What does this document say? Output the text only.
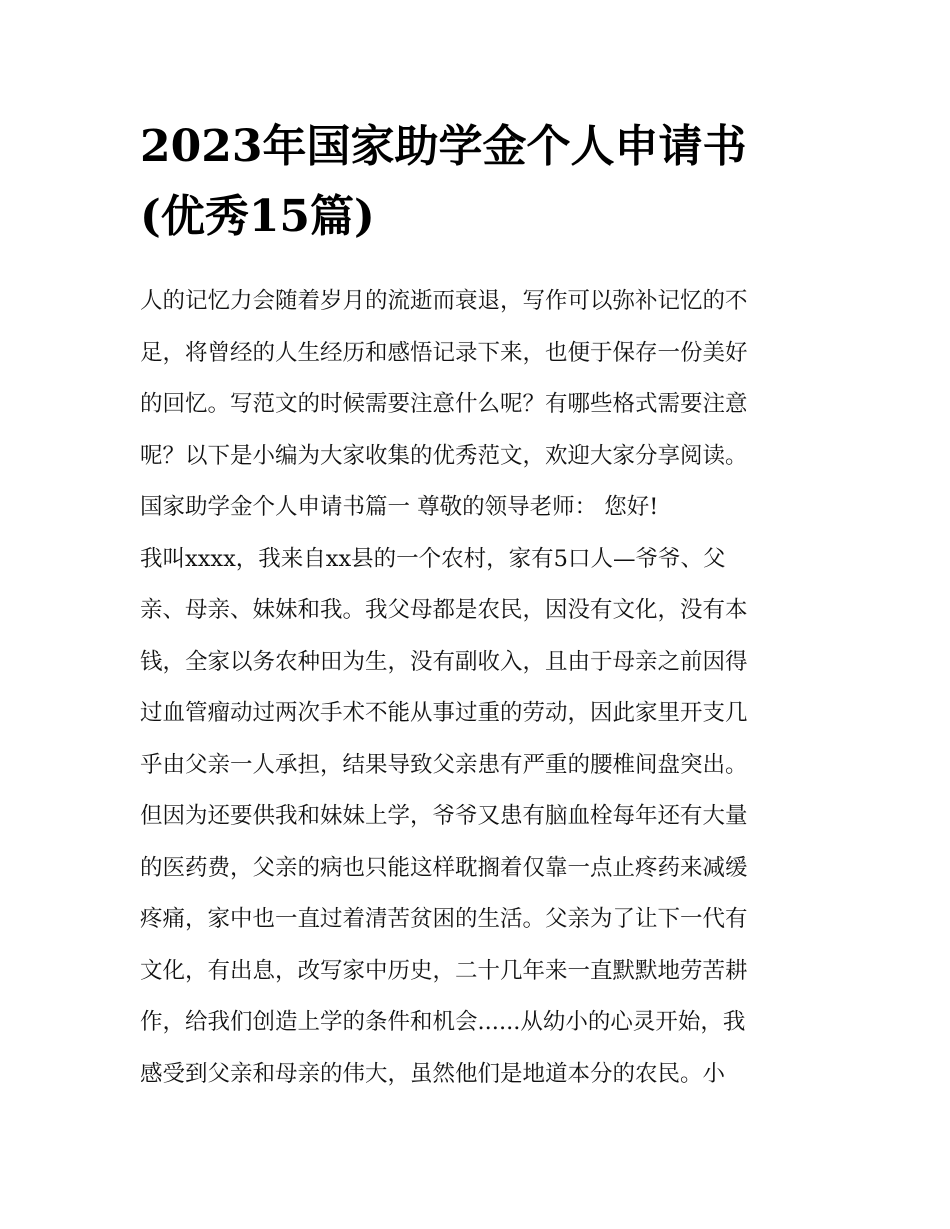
2023年国家助学金个人申请书
(优秀15篇)
人的记忆力会随着岁月的流逝而衰退，写作可以弥补记忆的不
足，将曾经的人生经历和感悟记录下来，也便于保存一份美好
的回忆。写范文的时候需要注意什么呢？有哪些格式需要注意
呢？以下是小编为大家收集的优秀范文，欢迎大家分享阅读。
国家助学金个人申请书篇一 尊敬的领导老师： 您好!
我叫xxxx，我来自xx县的一个农村，家有5口人—爷爷、父
亲、母亲、妹妹和我。我父母都是农民，因没有文化，没有本
钱，全家以务农种田为生，没有副收入，且由于母亲之前因得
过血管瘤动过两次手术不能从事过重的劳动，因此家里开支几
乎由父亲一人承担，结果导致父亲患有严重的腰椎间盘突出。
但因为还要供我和妹妹上学，爷爷又患有脑血栓每年还有大量
的医药费，父亲的病也只能这样耽搁着仅靠一点止疼药来减缓
疼痛，家中也一直过着清苦贫困的生活。父亲为了让下一代有
文化，有出息，改写家中历史，二十几年来一直默默地劳苦耕
作，给我们创造上学的条件和机会......从幼小的心灵开始，我
感受到父亲和母亲的伟大，虽然他们是地道本分的农民。小
